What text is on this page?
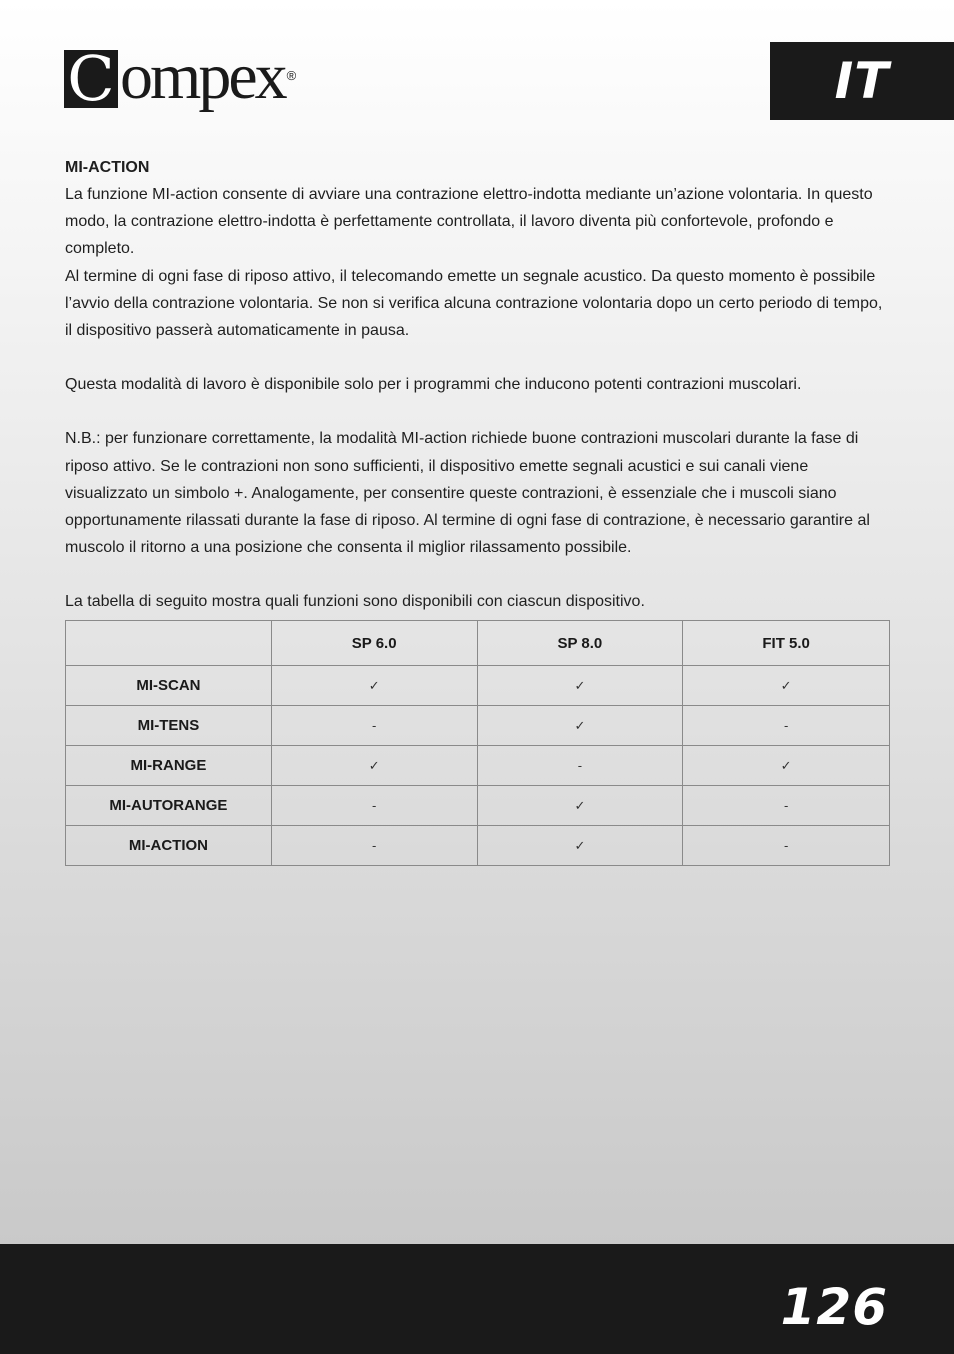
C ompex ®	IT

MI-ACTION

La funzione MI-action consente di avviare una contrazione elettro-indotta mediante un’azione volontaria. In questo modo, la contrazione elettro-indotta è perfettamente controllata, il lavoro diventa più confortevole, profondo e completo.

Al termine di ogni fase di riposo attivo, il telecomando emette un segnale acustico. Da questo momento è possibile l’avvio della contrazione volontaria. Se non si verifica alcuna contrazione volontaria dopo un certo periodo di tempo, il dispositivo passerà automaticamente in pausa.

Questa modalità di lavoro è disponibile solo per i programmi che inducono potenti contrazioni muscolari.

N.B.: per funzionare correttamente, la modalità MI-action richiede buone contrazioni muscolari durante la fase di riposo attivo. Se le contrazioni non sono sufficienti, il dispositivo emette segnali acustici e sui canali viene visualizzato un simbolo +. Analogamente, per consentire queste contrazioni, è essenziale che i muscoli siano opportunamente rilassati durante la fase di riposo. Al termine di ogni fase di contrazione, è necessario garantire al muscolo il ritorno a una posizione che consenta il miglior rilassamento possibile.

La tabella di seguito mostra quali funzioni sono disponibili con ciascun dispositivo.

	SP 6.0	SP 8.0	FIT 5.0
MI-SCAN	✓	✓	✓
MI-TENS	-	✓	-
MI-RANGE	✓	-	✓
MI-AUTORANGE	-	✓	-
MI-ACTION	-	✓	-
126
